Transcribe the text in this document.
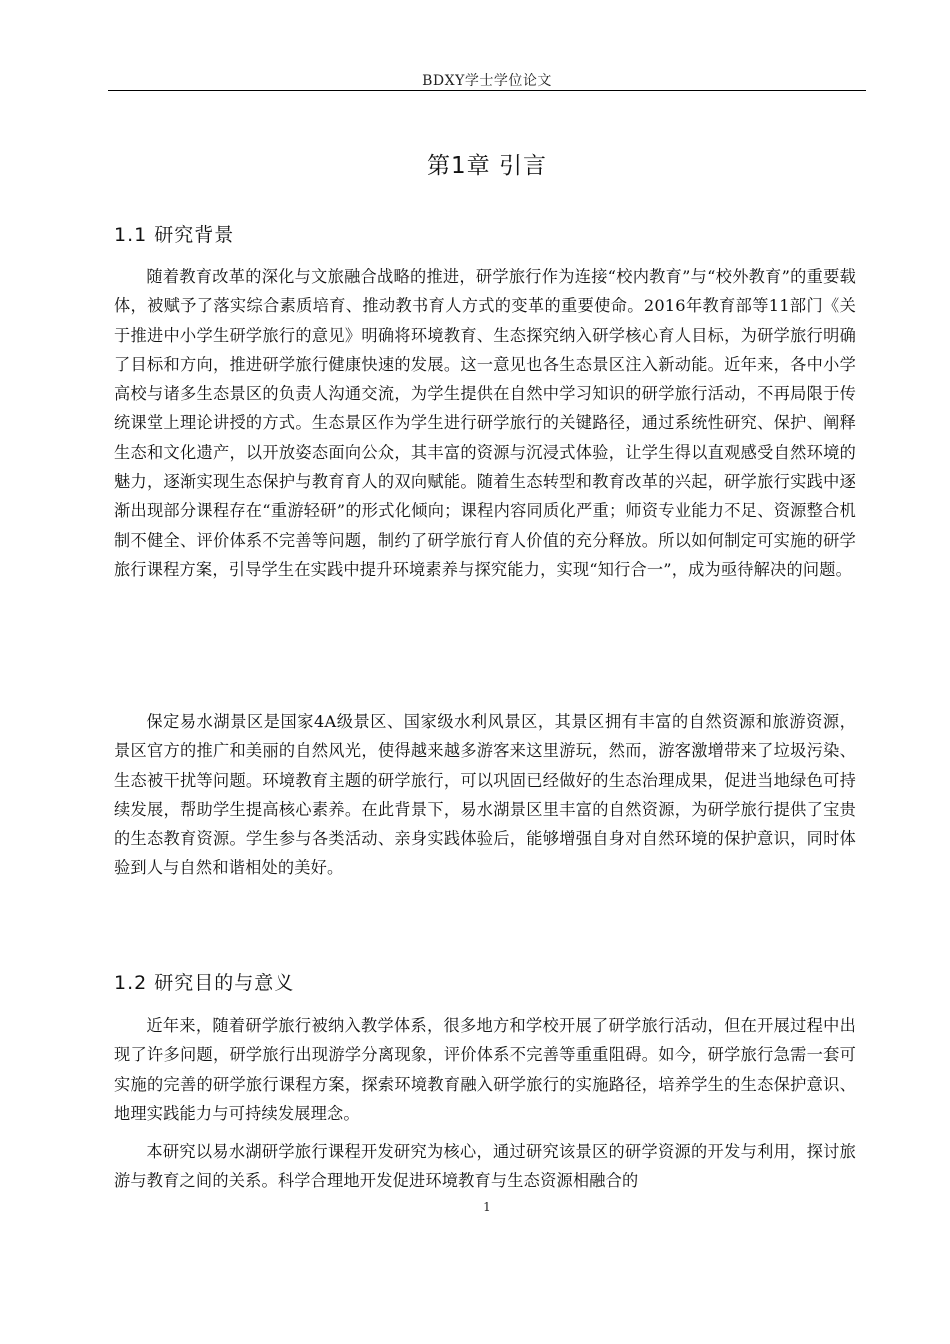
BDXY学士学位论文
第1章 引言
1.1 研究背景

随着教育改革的深化与文旅融合战略的推进，研学旅行作为连接“校内教育”与“校外教育”的重要载体，被赋予了落实综合素质培育、推动教书育人方式的变革的重要使命。2016年教育部等11部门《关于推进中小学生研学旅行的意见》明确将环境教育、生态探究纳入研学核心育人目标，为研学旅行明确了目标和方向，推进研学旅行健康快速的发展。这一意见也各生态景区注入新动能。近年来，各中小学高校与诸多生态景区的负责人沟通交流，为学生提供在自然中学习知识的研学旅行活动，不再局限于传统课堂上理论讲授的方式。生态景区作为学生进行研学旅行的关键路径，通过系统性研究、保护、阐释生态和文化遗产，以开放姿态面向公众，其丰富的资源与沉浸式体验，让学生得以直观感受自然环境的魅力，逐渐实现生态保护与教育育人的双向赋能。随着生态转型和教育改革的兴起，研学旅行实践中逐渐出现部分课程存在“重游轻研”的形式化倾向；课程内容同质化严重；师资专业能力不足、资源整合机制不健全、评价体系不完善等问题，制约了研学旅行育人价值的充分释放。所以如何制定可实施的研学旅行课程方案，引导学生在实践中提升环境素养与探究能力，实现“知行合一”，成为亟待解决的问题。

保定易水湖景区是国家4A级景区、国家级水利风景区，其景区拥有丰富的自然资源和旅游资源，景区官方的推广和美丽的自然风光，使得越来越多游客来这里游玩，然而，游客激增带来了垃圾污染、生态被干扰等问题。环境教育主题的研学旅行，可以巩固已经做好的生态治理成果，促进当地绿色可持续发展，帮助学生提高核心素养。在此背景下，易水湖景区里丰富的自然资源，为研学旅行提供了宝贵的生态教育资源。学生参与各类活动、亲身实践体验后，能够增强自身对自然环境的保护意识，同时体验到人与自然和谐相处的美好。

1.2 研究目的与意义

近年来，随着研学旅行被纳入教学体系，很多地方和学校开展了研学旅行活动，但在开展过程中出现了许多问题，研学旅行出现游学分离现象，评价体系不完善等重重阻碍。如今，研学旅行急需一套可实施的完善的研学旅行课程方案，探索环境教育融入研学旅行的实施路径，培养学生的生态保护意识、地理实践能力与可持续发展理念。

本研究以易水湖研学旅行课程开发研究为核心，通过研究该景区的研学资源的开发与利用，探讨旅游与教育之间的关系。科学合理地开发促进环境教育与生态资源相融合的

1
